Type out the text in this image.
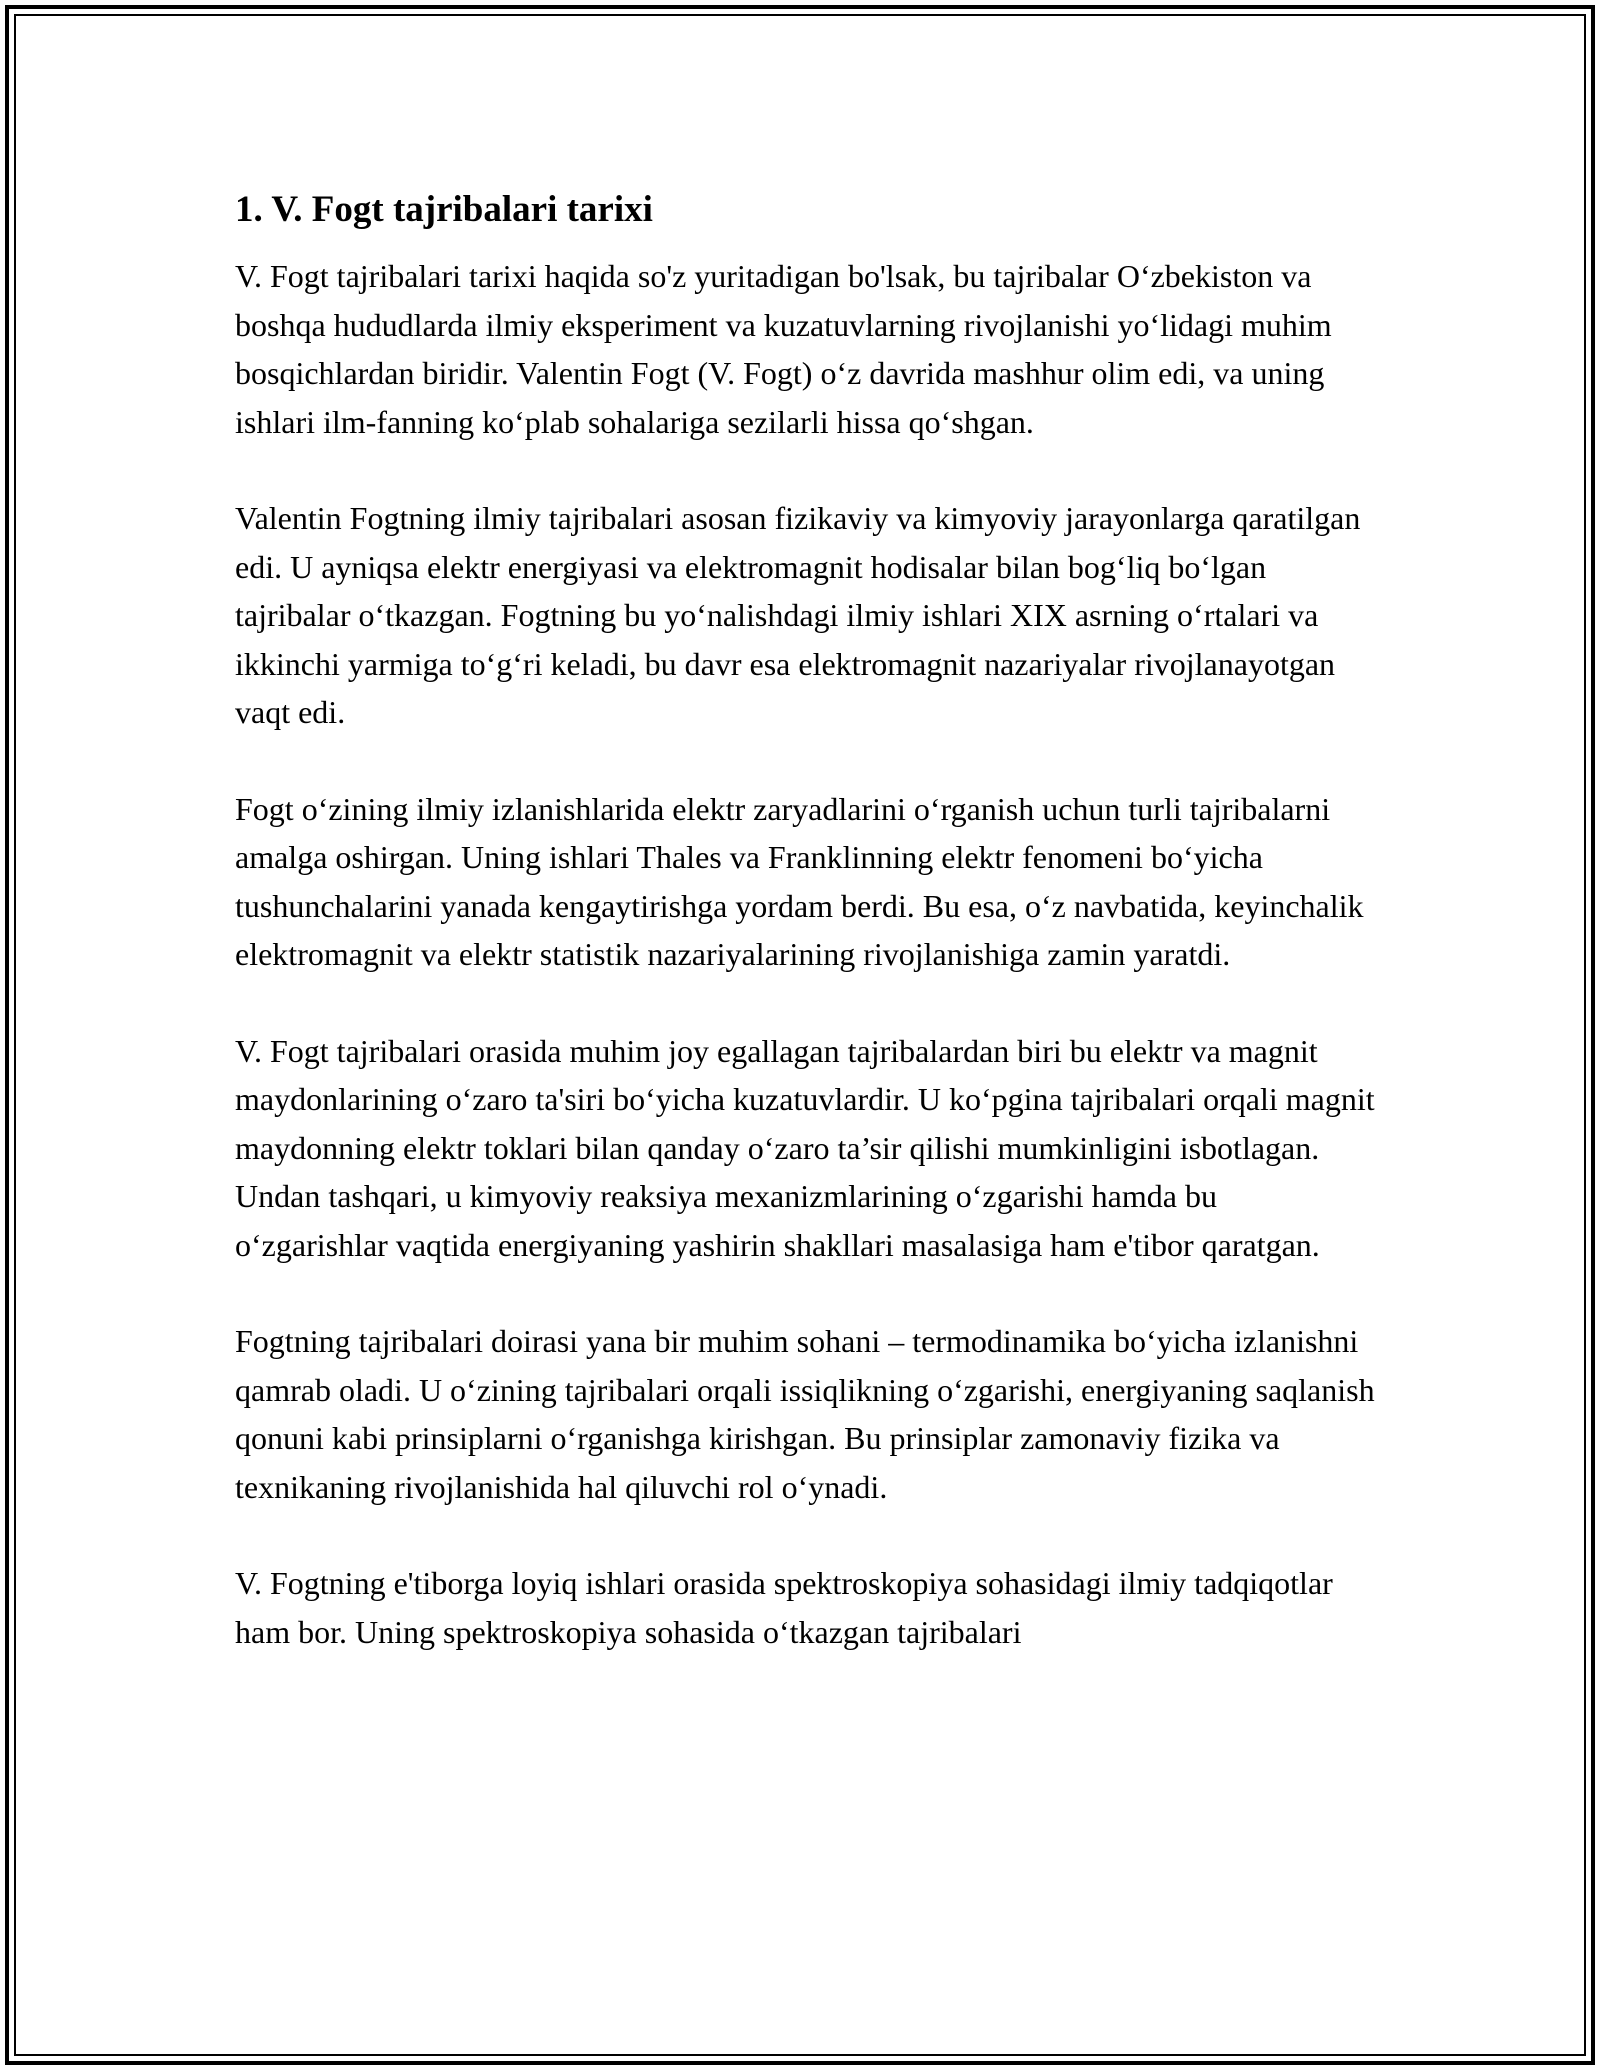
1. V. Fogt tajribalari tarixi

V. Fogt tajribalari tarixi haqida so'z yuritadigan bo'lsak, bu tajribalar O‘zbekiston va boshqa hududlarda ilmiy eksperiment va kuzatuvlarning rivojlanishi yo‘lidagi muhim bosqichlardan biridir. Valentin Fogt (V. Fogt) o‘z davrida mashhur olim edi, va uning ishlari ilm-fanning ko‘plab sohalariga sezilarli hissa qo‘shgan.

Valentin Fogtning ilmiy tajribalari asosan fizikaviy va kimyoviy jarayonlarga qaratilgan edi. U ayniqsa elektr energiyasi va elektromagnit hodisalar bilan bog‘liq bo‘lgan tajribalar o‘tkazgan. Fogtning bu yo‘nalishdagi ilmiy ishlari XIX asrning o‘rtalari va ikkinchi yarmiga to‘g‘ri keladi, bu davr esa elektromagnit nazariyalar rivojlanayotgan vaqt edi.

Fogt o‘zining ilmiy izlanishlarida elektr zaryadlarini o‘rganish uchun turli tajribalarni amalga oshirgan. Uning ishlari Thales va Franklinning elektr fenomeni bo‘yicha tushunchalarini yanada kengaytirishga yordam berdi. Bu esa, o‘z navbatida, keyinchalik elektromagnit va elektr statistik nazariyalarining rivojlanishiga zamin yaratdi.

V. Fogt tajribalari orasida muhim joy egallagan tajribalardan biri bu elektr va magnit maydonlarining o‘zaro ta'siri bo‘yicha kuzatuvlardir. U ko‘pgina tajribalari orqali magnit maydonning elektr toklari bilan qanday o‘zaro ta’sir qilishi mumkinligini isbotlagan. Undan tashqari, u kimyoviy reaksiya mexanizmlarining o‘zgarishi hamda bu o‘zgarishlar vaqtida energiyaning yashirin shakllari masalasiga ham e'tibor qaratgan.

Fogtning tajribalari doirasi yana bir muhim sohani – termodinamika bo‘yicha izlanishni qamrab oladi. U o‘zining tajribalari orqali issiqlikning o‘zgarishi, energiyaning saqlanish qonuni kabi prinsiplarni o‘rganishga kirishgan. Bu prinsiplar zamonaviy fizika va texnikaning rivojlanishida hal qiluvchi rol o‘ynadi.

V. Fogtning e'tiborga loyiq ishlari orasida spektroskopiya sohasidagi ilmiy tadqiqotlar ham bor. Uning spektroskopiya sohasida o‘tkazgan tajribalari
